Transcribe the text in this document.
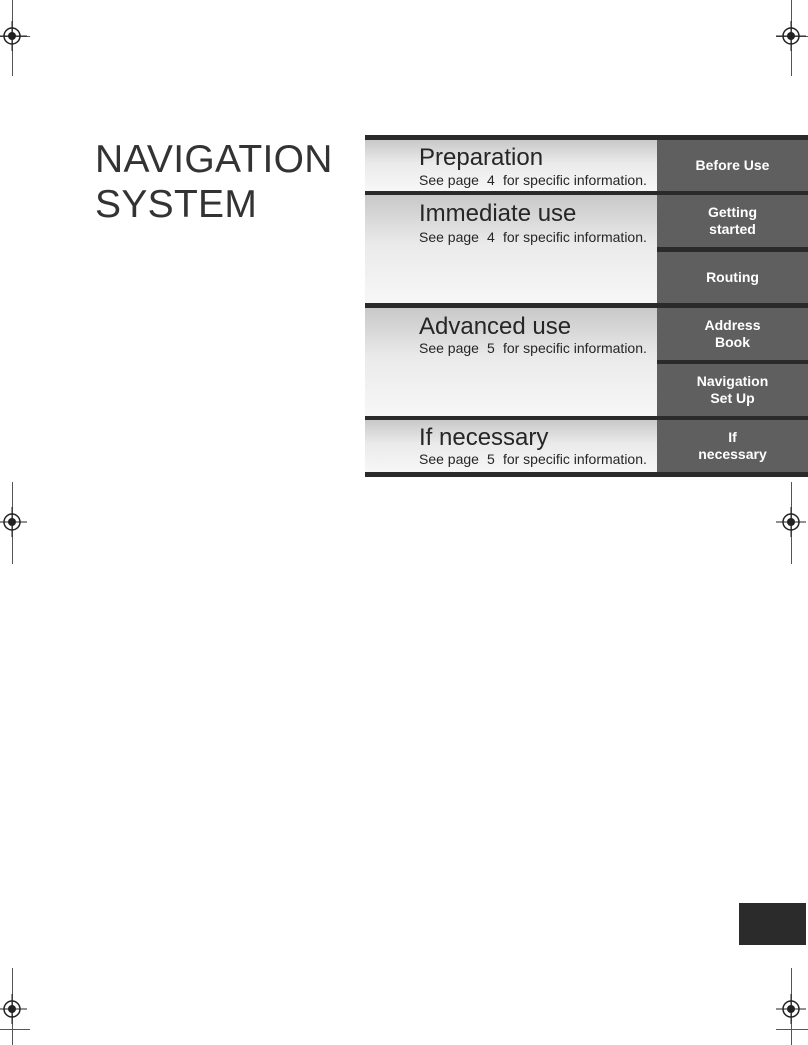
NAVIGATION
SYSTEM
Preparation
See page 4 for specific information.
Immediate use
See page 4 for specific information.
Advanced use
See page 5 for specific information.
If necessary
See page 5 for specific information.
Before Use
Getting
started
Routing
Address
Book
Navigation
Set Up
If
necessary
